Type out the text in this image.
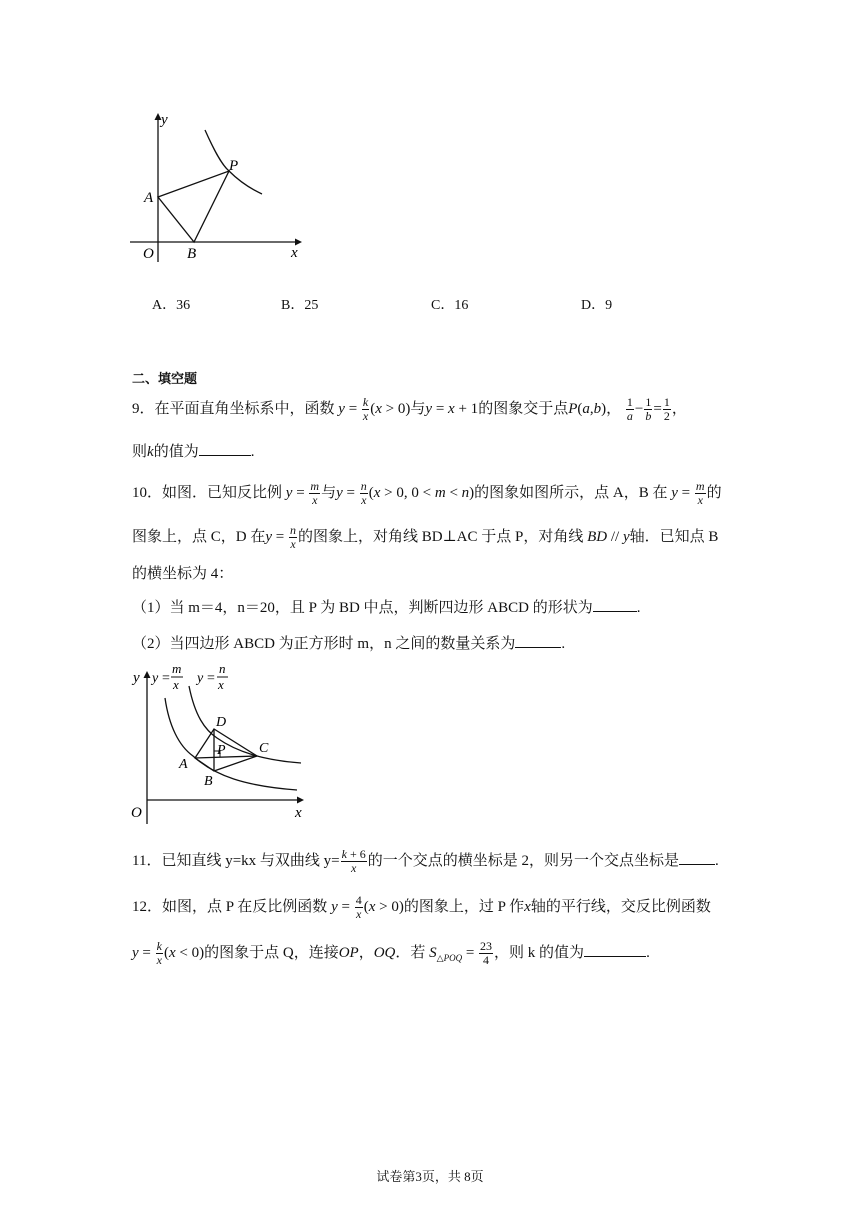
y
x
O
A
B
P
A．36	B．25	C．16	D．9
二、填空题
9．在平面直角坐标系中，函数 $y = \frac{k}{x} (x > 0)$与y = x + 1的图象交于点P(a,b)， $\frac{1}{a} - \frac{1}{b} = \frac{1}{2}$ ，
则k的值为	.
10．如图．已知反比例 $y = \frac{m}{x}$ 与$y = \frac{n}{x} (x > 0$, 0 < m < n)的图象如图所示，点 A，B 在 $y = \frac{m}{x}$ 的
图象上，点 C，D 在$y = \frac{n}{x}$ 的图象上，对角线 BD⊥AC 于点 P，对角线 BD // y轴．已知点 B
的横坐标为 4：
（1）当 m＝4，n＝20，且 P 为 BD 中点，判断四边形 ABCD 的形状为	.
（2）当四边形 ABCD 为正方形时 m，n 之间的数量关系为	.
y y =
m
x y =
n
x
O	x
D
P C
A
B
11．已知直线 y=kx 与双曲线 $y= \frac{k + 6}{x}$ 的一个交点的横坐标是 2，则另一个交点坐标是 .
12．如图，点 P 在反比例函数 $y = \frac{4}{x} (x > 0)$的图象上，过 P 作x轴的平行线，交反比例函数
$y = \frac{k}{x} (x < 0)$的图象于点 Q，连接OP，OQ．若 $S_{\triangle POQ} = \frac{23}{4}$ ，则 k 的值为	.
试卷第3页，共 8页
